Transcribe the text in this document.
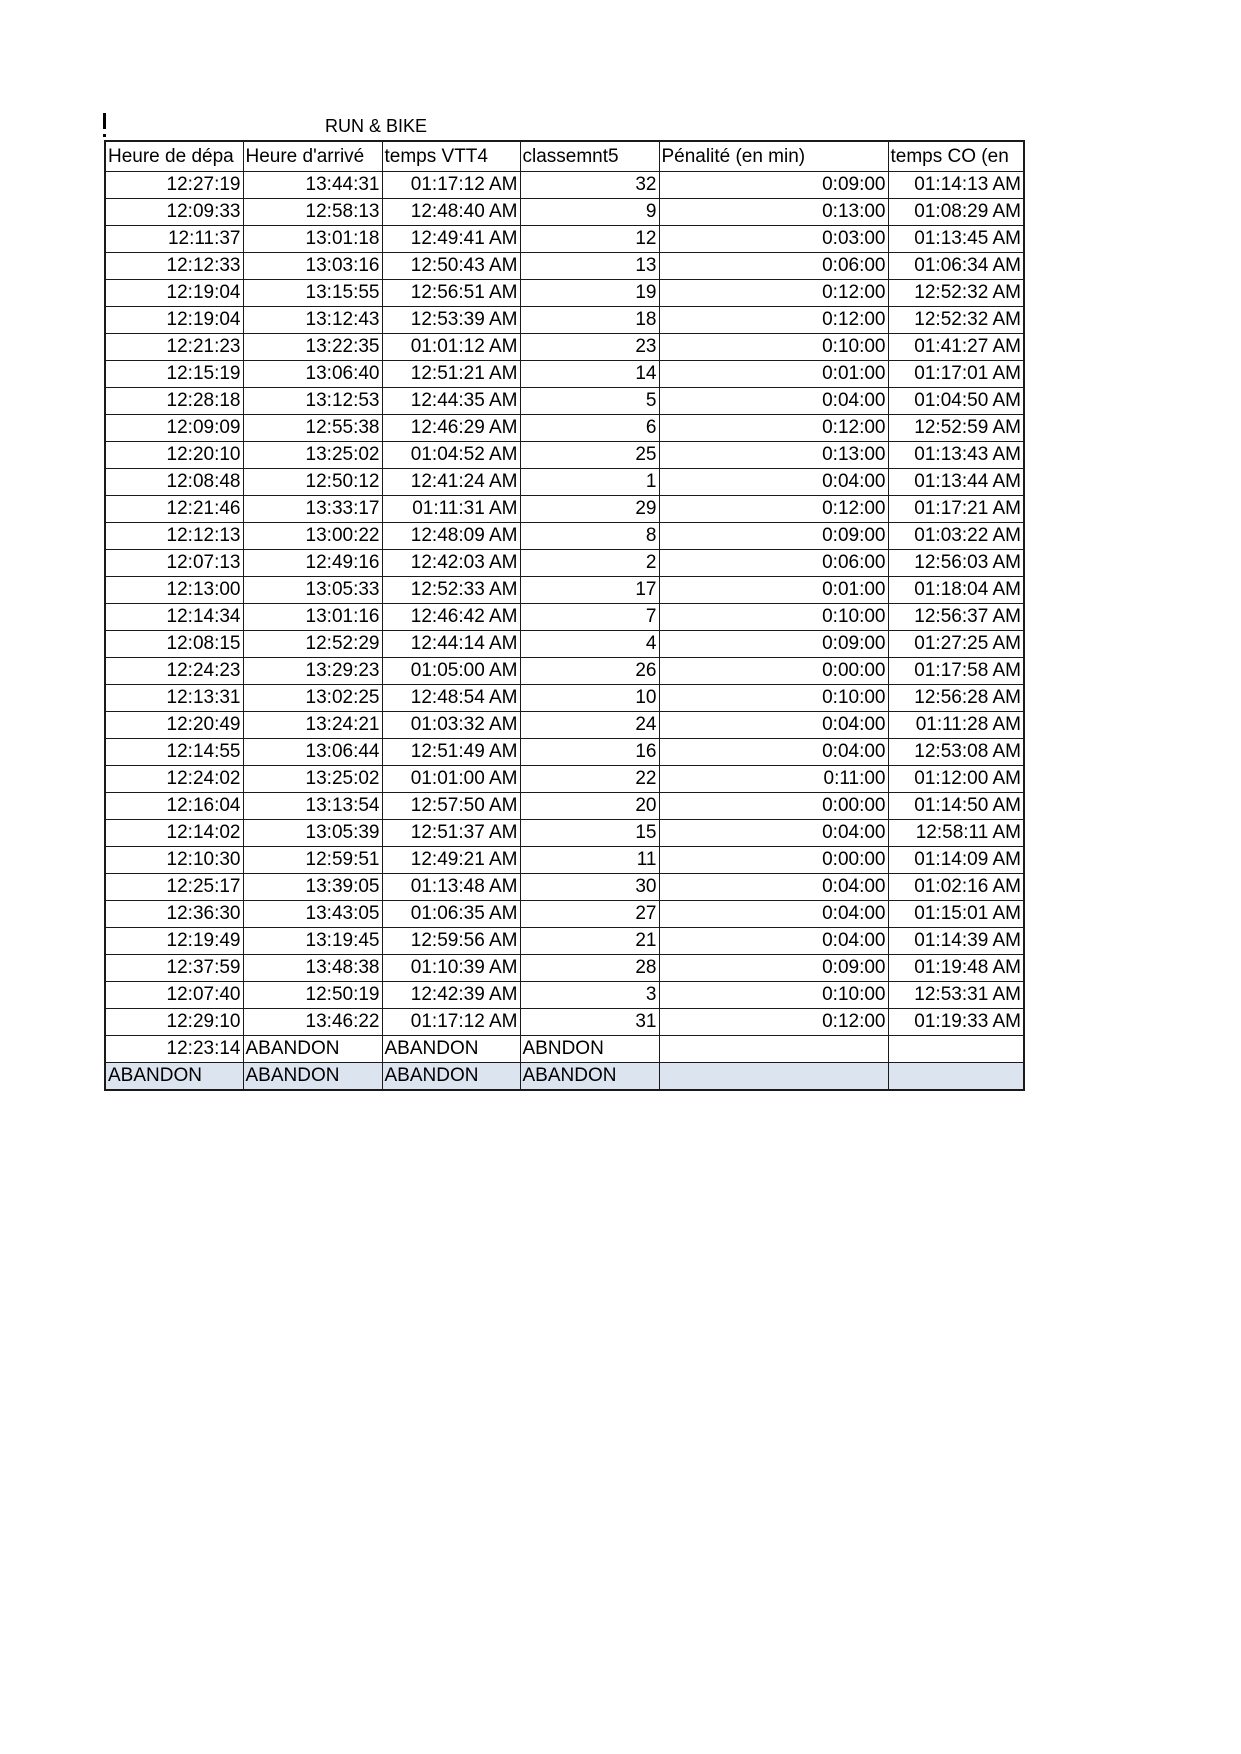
RUN & BIKE
Heure de dépa	Heure d'arrivé	temps VTT4	classemnt5	Pénalité (en min)	temps CO (en
12:27:19	13:44:31	01:17:12 AM	32	0:09:00	01:14:13 AM
12:09:33	12:58:13	12:48:40 AM	9	0:13:00	01:08:29 AM
12:11:37	13:01:18	12:49:41 AM	12	0:03:00	01:13:45 AM
12:12:33	13:03:16	12:50:43 AM	13	0:06:00	01:06:34 AM
12:19:04	13:15:55	12:56:51 AM	19	0:12:00	12:52:32 AM
12:19:04	13:12:43	12:53:39 AM	18	0:12:00	12:52:32 AM
12:21:23	13:22:35	01:01:12 AM	23	0:10:00	01:41:27 AM
12:15:19	13:06:40	12:51:21 AM	14	0:01:00	01:17:01 AM
12:28:18	13:12:53	12:44:35 AM	5	0:04:00	01:04:50 AM
12:09:09	12:55:38	12:46:29 AM	6	0:12:00	12:52:59 AM
12:20:10	13:25:02	01:04:52 AM	25	0:13:00	01:13:43 AM
12:08:48	12:50:12	12:41:24 AM	1	0:04:00	01:13:44 AM
12:21:46	13:33:17	01:11:31 AM	29	0:12:00	01:17:21 AM
12:12:13	13:00:22	12:48:09 AM	8	0:09:00	01:03:22 AM
12:07:13	12:49:16	12:42:03 AM	2	0:06:00	12:56:03 AM
12:13:00	13:05:33	12:52:33 AM	17	0:01:00	01:18:04 AM
12:14:34	13:01:16	12:46:42 AM	7	0:10:00	12:56:37 AM
12:08:15	12:52:29	12:44:14 AM	4	0:09:00	01:27:25 AM
12:24:23	13:29:23	01:05:00 AM	26	0:00:00	01:17:58 AM
12:13:31	13:02:25	12:48:54 AM	10	0:10:00	12:56:28 AM
12:20:49	13:24:21	01:03:32 AM	24	0:04:00	01:11:28 AM
12:14:55	13:06:44	12:51:49 AM	16	0:04:00	12:53:08 AM
12:24:02	13:25:02	01:01:00 AM	22	0:11:00	01:12:00 AM
12:16:04	13:13:54	12:57:50 AM	20	0:00:00	01:14:50 AM
12:14:02	13:05:39	12:51:37 AM	15	0:04:00	12:58:11 AM
12:10:30	12:59:51	12:49:21 AM	11	0:00:00	01:14:09 AM
12:25:17	13:39:05	01:13:48 AM	30	0:04:00	01:02:16 AM
12:36:30	13:43:05	01:06:35 AM	27	0:04:00	01:15:01 AM
12:19:49	13:19:45	12:59:56 AM	21	0:04:00	01:14:39 AM
12:37:59	13:48:38	01:10:39 AM	28	0:09:00	01:19:48 AM
12:07:40	12:50:19	12:42:39 AM	3	0:10:00	12:53:31 AM
12:29:10	13:46:22	01:17:12 AM	31	0:12:00	01:19:33 AM
12:23:14	ABANDON	ABANDON	ABNDON		
ABANDON	ABANDON	ABANDON	ABANDON		
